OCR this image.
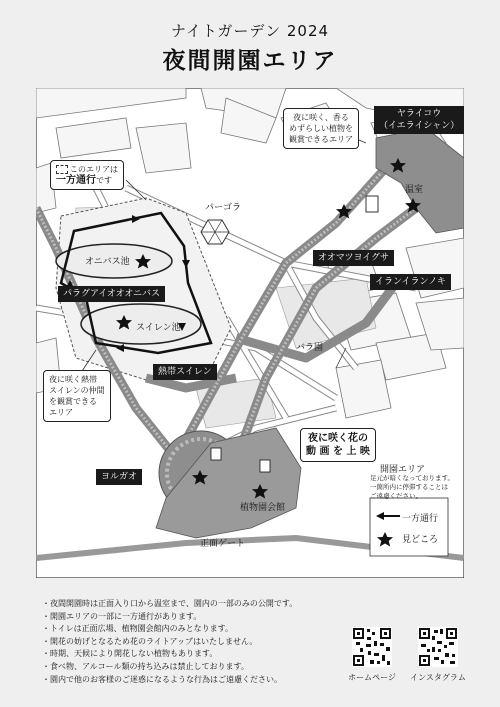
ナイトガーデン 2024
夜間開園エリア
夜に咲く、香る
めずらしい植物を
観賞できるエリア
ヤライコウ
（イエライシャン）
温室
パーゴラ
オオマツヨイグサ
イランイランノキ
このエリアは
一方通行です
オニバス池
パラグアイオオオニバス
スイレン池
バラ園
熱帯スイレン
夜に咲く熱帯
スイレンの仲間
を観賞できる
エリア
夜に咲く花の
動 画 を 上 映
ヨルガオ
植物園会館
正面ゲート
開園エリア
足元が暗くなっております。
一箇所内に停滞することは
ご遠慮ください。
一方通行
見どころ
・夜間開園時は正面入り口から温室まで、園内の一部のみの公開です。
・開園エリアの一部に一方通行があります。
・トイレは正面広場、植物園会館内のみとなります。
・開花の妨げとなるため花のライトアップはいたしません。
・時期、天候により開花しない植物もあります。
・食べ物、アルコール類の持ち込みは禁止しております。
・園内で他のお客様のご迷惑になるような行為はご遠慮ください。	ホームページ	インスタグラム
